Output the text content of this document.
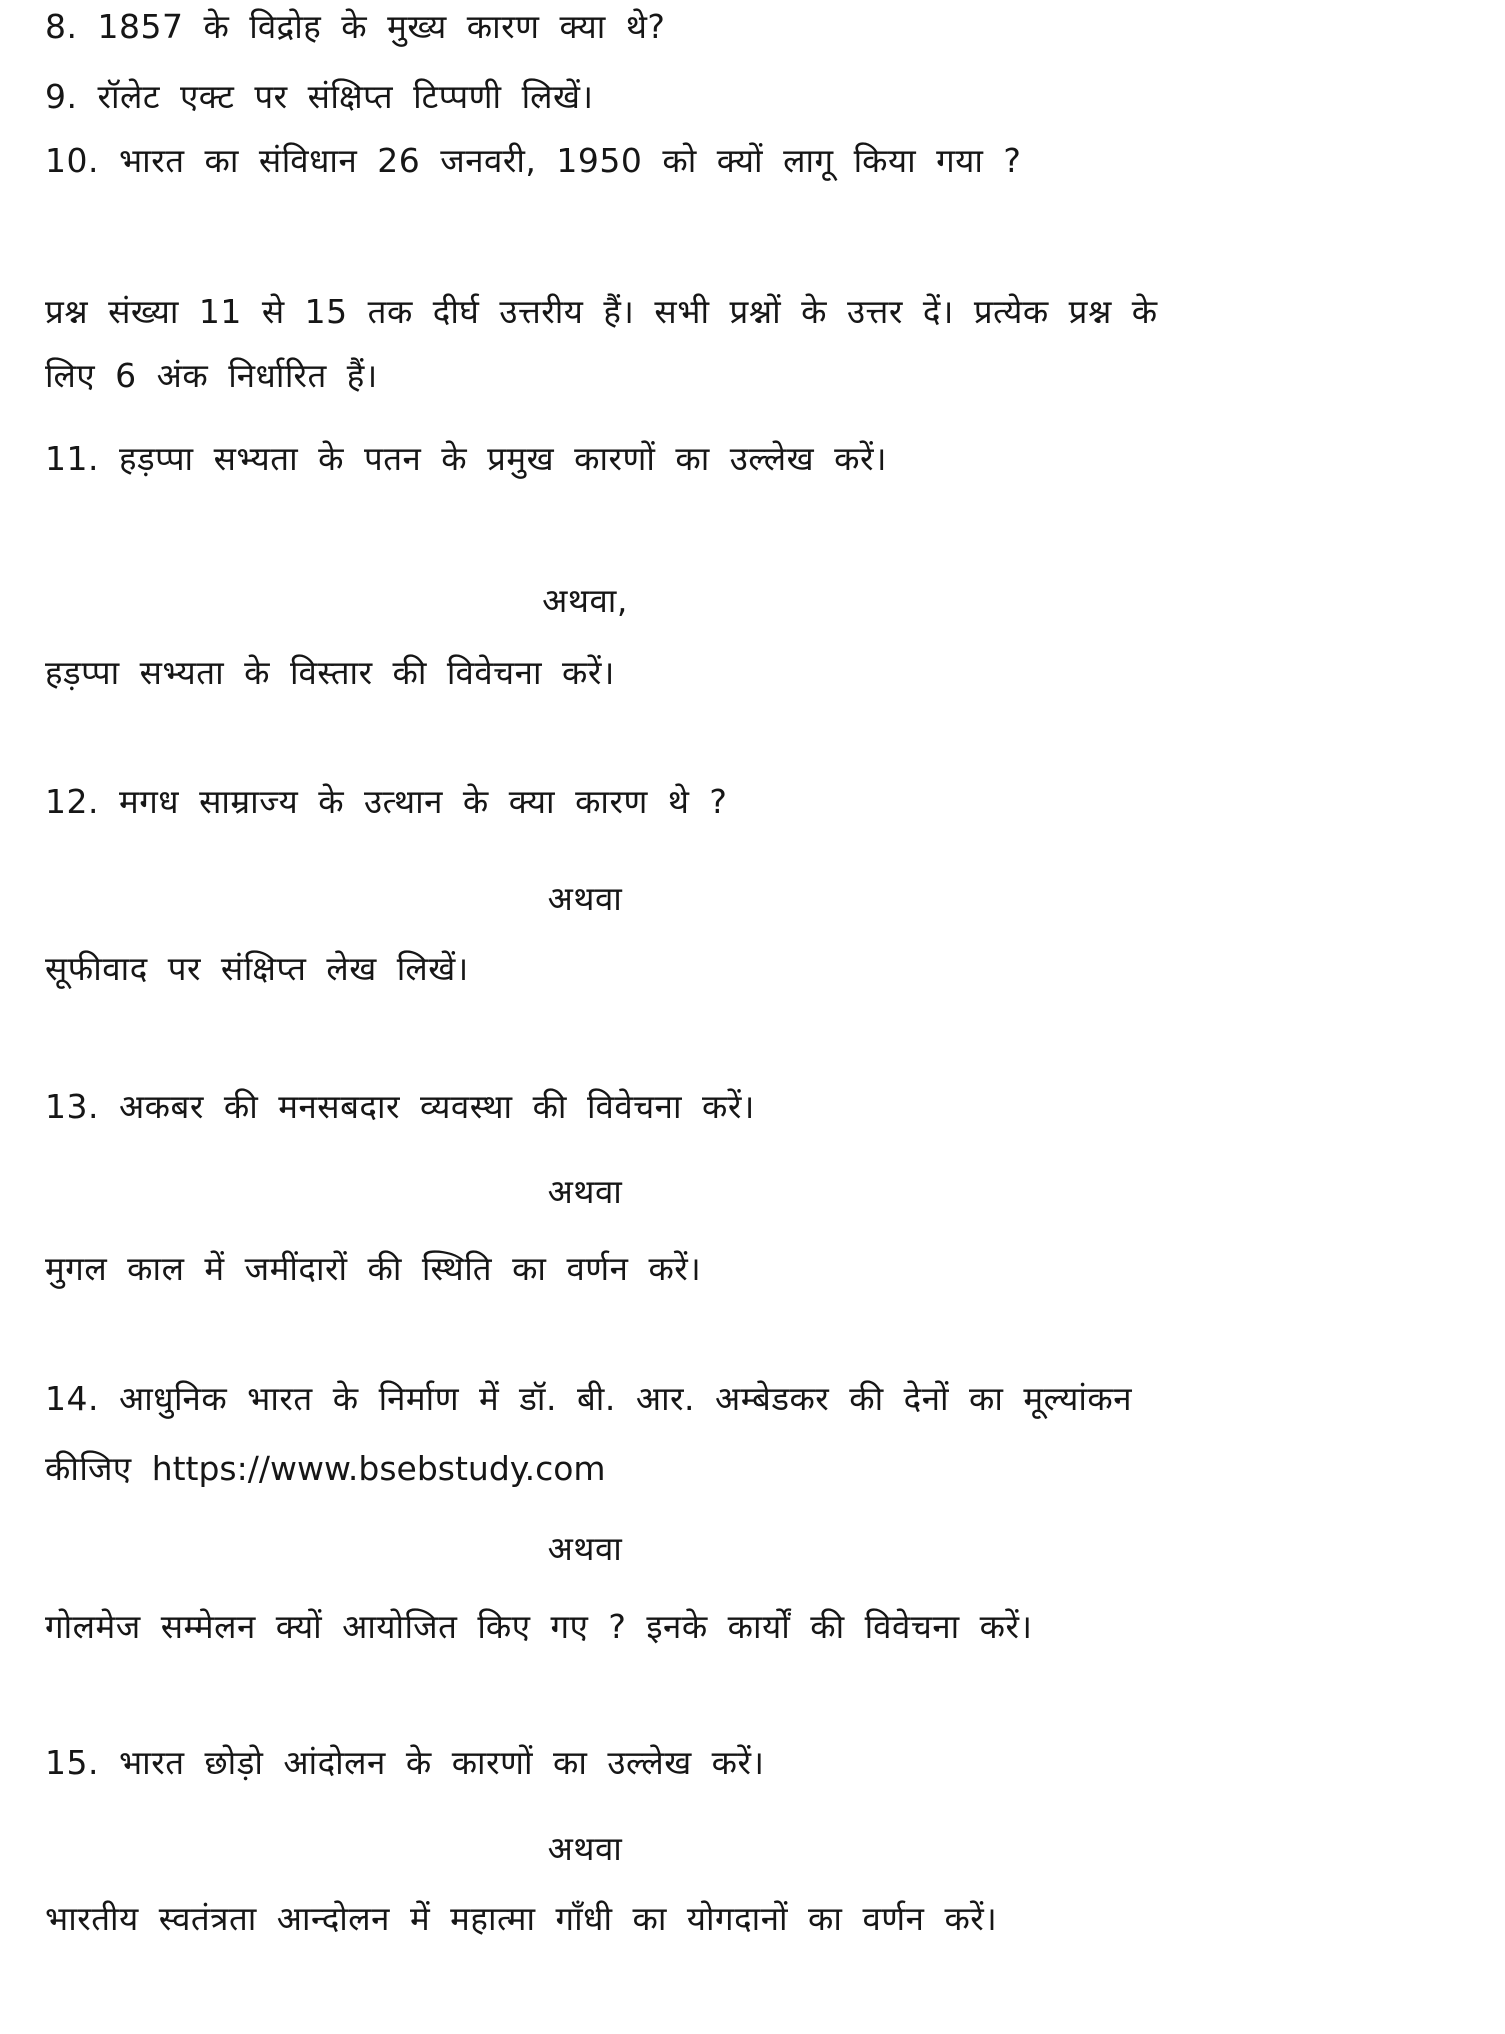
8. 1857 के विद्रोह के मुख्य कारण क्या थे?
9. रॉलेट एक्ट पर संक्षिप्त टिप्पणी लिखें।
10. भारत का संविधान 26 जनवरी, 1950 को क्यों लागू किया गया ?
प्रश्न संख्या 11 से 15 तक दीर्घ उत्तरीय हैं। सभी प्रश्नों के उत्तर दें। प्रत्येक प्रश्न के
लिए 6 अंक निर्धारित हैं।
11. हड़प्पा सभ्यता के पतन के प्रमुख कारणों का उल्लेख करें।
अथवा,
हड़प्पा सभ्यता के विस्तार की विवेचना करें।
12. मगध साम्राज्य के उत्थान के क्या कारण थे ?
अथवा
सूफीवाद पर संक्षिप्त लेख लिखें।
13. अकबर की मनसबदार व्यवस्था की विवेचना करें।
अथवा
मुगल काल में जमींदारों की स्थिति का वर्णन करें।
14. आधुनिक भारत के निर्माण में डॉ. बी. आर. अम्बेडकर की देनों का मूल्यांकन
कीजिए https://www.bsebstudy.com
अथवा
गोलमेज सम्मेलन क्यों आयोजित किए गए ? इनके कार्यों की विवेचना करें।
15. भारत छोड़ो आंदोलन के कारणों का उल्लेख करें।
अथवा
भारतीय स्वतंत्रता आन्दोलन में महात्मा गाँधी का योगदानों का वर्णन करें।
